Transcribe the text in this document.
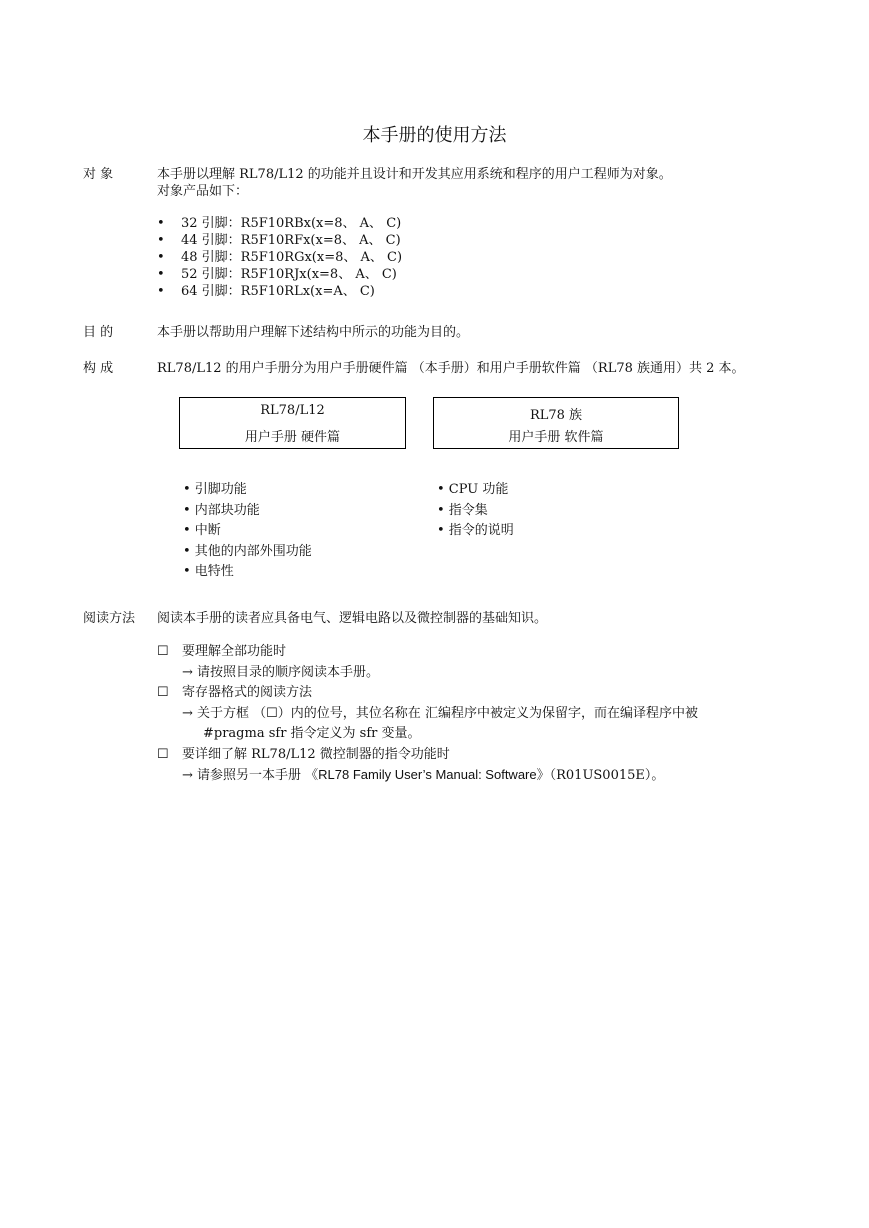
本手册的使用方法
对 象	本手册以理解 RL78/L12 的功能并且设计和开发其应用系统和程序的用户工程师为对象。
对象产品如下：
• 32 引脚：R5F10RBx(x=8、 A、 C)
• 44 引脚：R5F10RFx(x=8、 A、 C)
• 48 引脚：R5F10RGx(x=8、 A、 C)
• 52 引脚：R5F10RJx(x=8、 A、 C)
• 64 引脚：R5F10RLx(x=A、 C)
目 的	本手册以帮助用户理解下述结构中所示的功能为目的。
构 成	RL78/L12 的用户手册分为用户手册硬件篇 （本手册）和用户手册软件篇 （RL78 族通用）共 2 本。
RL78/L12
用户手册 硬件篇
RL78 族
用户手册 软件篇
• 引脚功能
• 内部块功能
• 中断
• 其他的内部外围功能
• 电特性
• CPU 功能
• 指令集
• 指令的说明
阅读方法 阅读本手册的读者应具备电气、逻辑电路以及微控制器的基础知识。
☐ 要理解全部功能时
→ 请按照目录的顺序阅读本手册。
☐ 寄存器格式的阅读方法
→ 关于方框 （☐）内的位号，其位名称在 汇编程序中被定义为保留字，而在编译程序中被
#pragma sfr 指令定义为 sfr 变量。
☐ 要详细了解 RL78/L12 微控制器的指令功能时
→ 请参照另一本手册 《RL78 Family User’s Manual: Software》（R01US0015E）。
